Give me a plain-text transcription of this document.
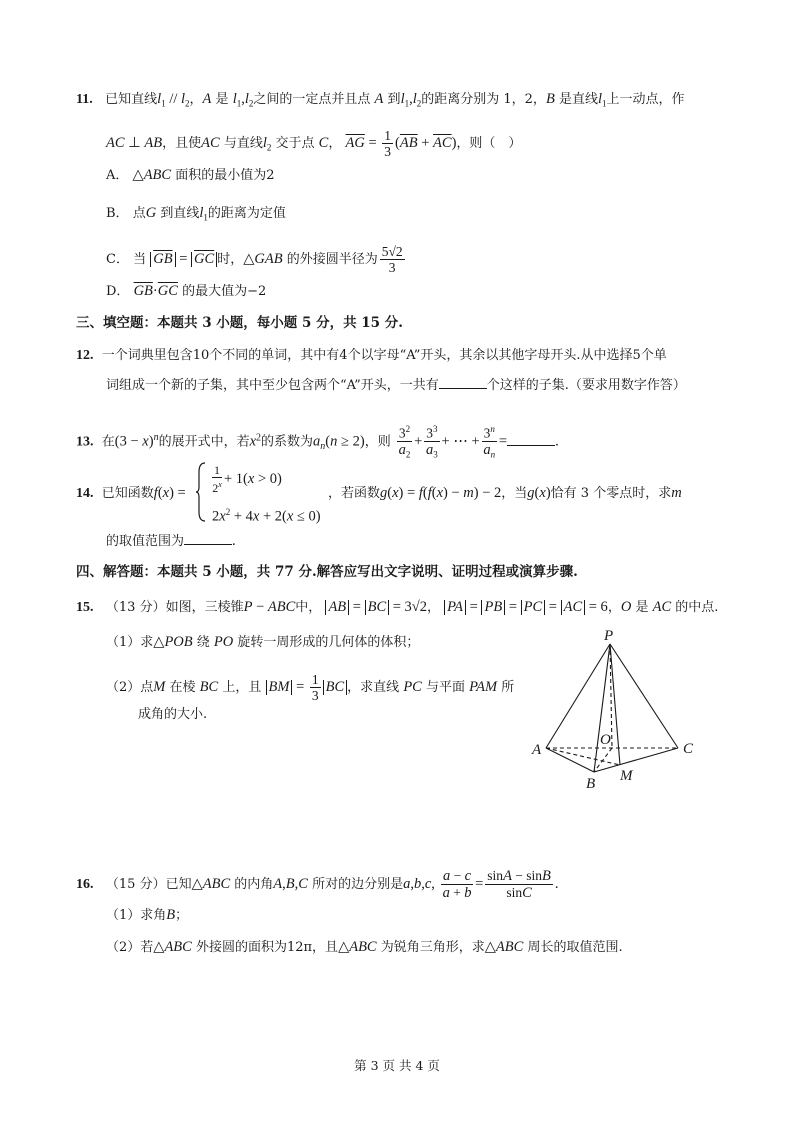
11. 已知直线$l_1 // l_2$，A 是 $l_1,l_2$之间的一定点并且点 A 到$l_1,l_2$的距离分别为 1，2，B 是直线$l_1$上一动点，作
AC ⊥ AB，且使AC 与直线$l_2$ 交于点 C， $\overline{AG} = \frac{1}{3} (\overline{AB} + \overline{AC})$，则（　）
A． △ABC 面积的最小值为2
B． 点G 到直线$l_1$的距离为定值
C． 当 $\overline{GB} = \overline{GC}$ 时，△GAB 的外接圆半径为 $\frac{5√2}{3}$
D． $\overline{GB}\cdot\overline{GC}$ 的最大值为−2
三、填空题：本题共 3 小题，每小题 5 分，共 15 分.
12. 一个词典里包含10个不同的单词，其中有4个以字母“A”开头，其余以其他字母开头.从中选择5个单
词组成一个新的子集，其中至少包含两个“A”开头，一共有	个这样的子集.（要求用数字作答）
13. 在$(3 - x)^n$的展开式中，若$x^2$的系数为$a_n(n \ge 2)$，则 $\frac{3^2}{a_2} + \frac{3^3}{a_3}$ + ⋯ + $\frac{3^n}{a_n}$ =	.
14. 已知函数$f(x) = \frac{1}{2^x} + 1(x > 0)$
$2x^2 + 4x + 2(x \le 0)$
，若函数g(x) = f(f(x) − m) − 2，当g(x)恰有 3 个零点时，求m
的取值范围为	.
四、解答题：本题共 5 小题，共 77 分.解答应写出文字说明、证明过程或演算步骤.
15. （13 分）如图，三棱锥P − ABC中， AB = BC = 3√2， PA = PB = PC = AC = 6，O 是 AC 的中点.
（1）求△POB 绕 PO 旋转一周形成的几何体的体积；
（2）点M 在棱 BC 上，且 BM = $\frac{1}{3}$ BC ，求直线 PC 与平面 PAM 所
成角的大小.
P
A	C
O
B M
16. （15 分）已知△ABC 的内角A,B,C 所对的边分别是a,b,c, $\frac{a - c}{a + b} = \frac{\sin A - \sin B}{\sin C}$ .
（1）求角B；
（2）若△ABC 外接圆的面积为12π，且△ABC 为锐角三角形，求△ABC 周长的取值范围.
第 3 页 共 4 页
